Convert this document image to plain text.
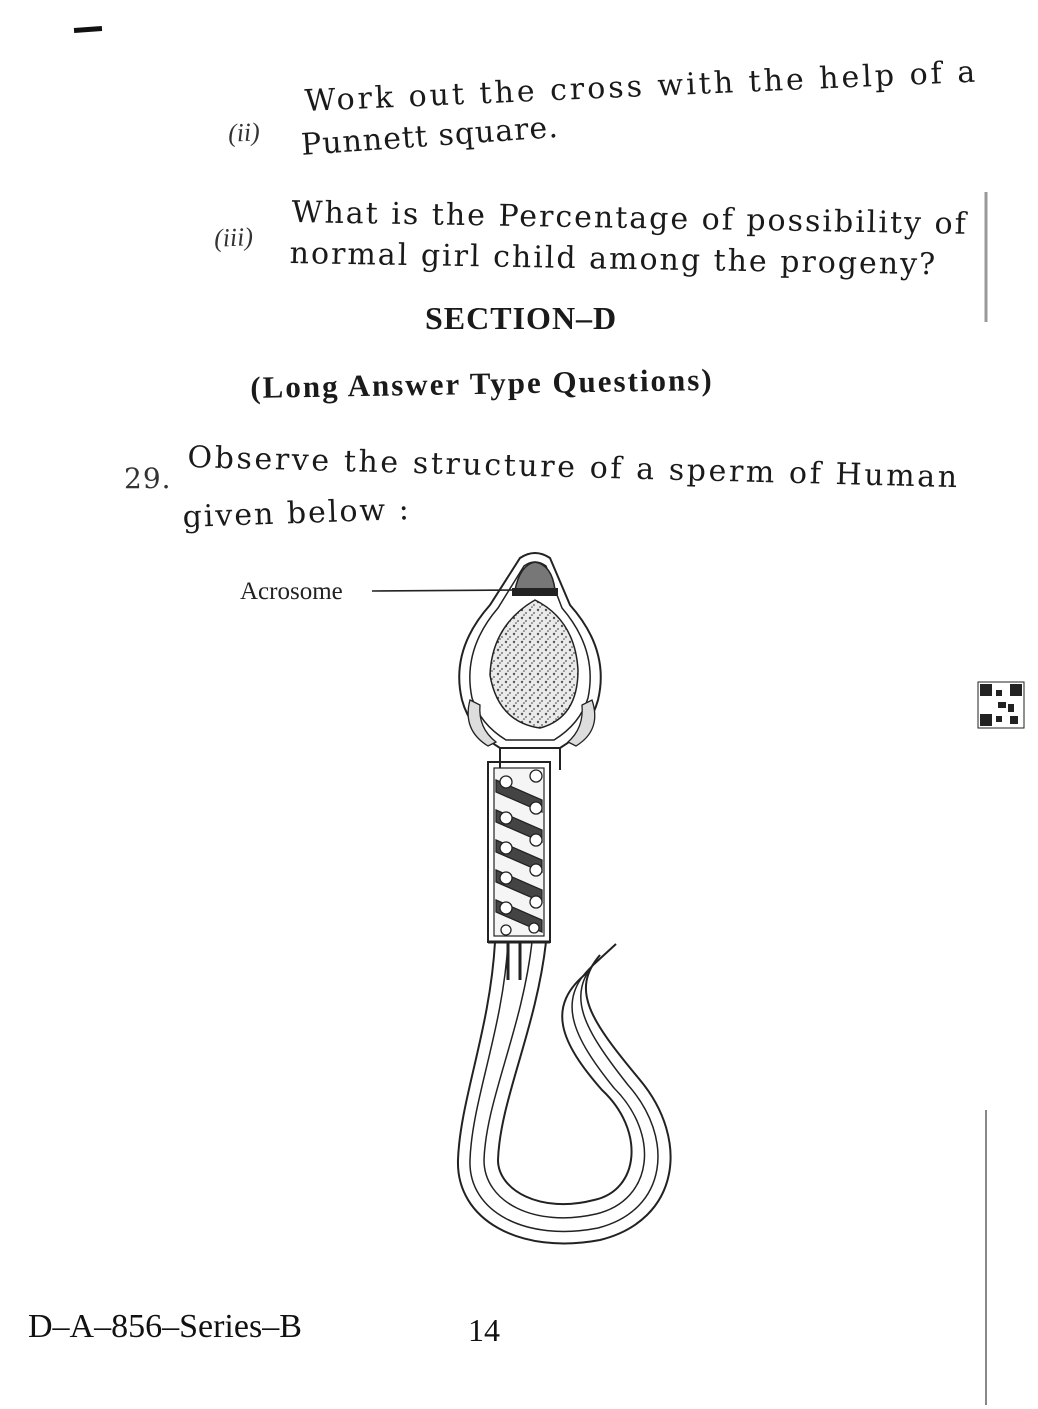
(ii)
Work out the cross with the help of a
Punnett square.
(iii) What is the Percentage of possibility of
normal girl child among the progeny?
SECTION–D
(Long Answer Type Questions)
29. Observe the structure of a sperm of Human
given below :
Acrosome
D–A–856–Series–B	14
